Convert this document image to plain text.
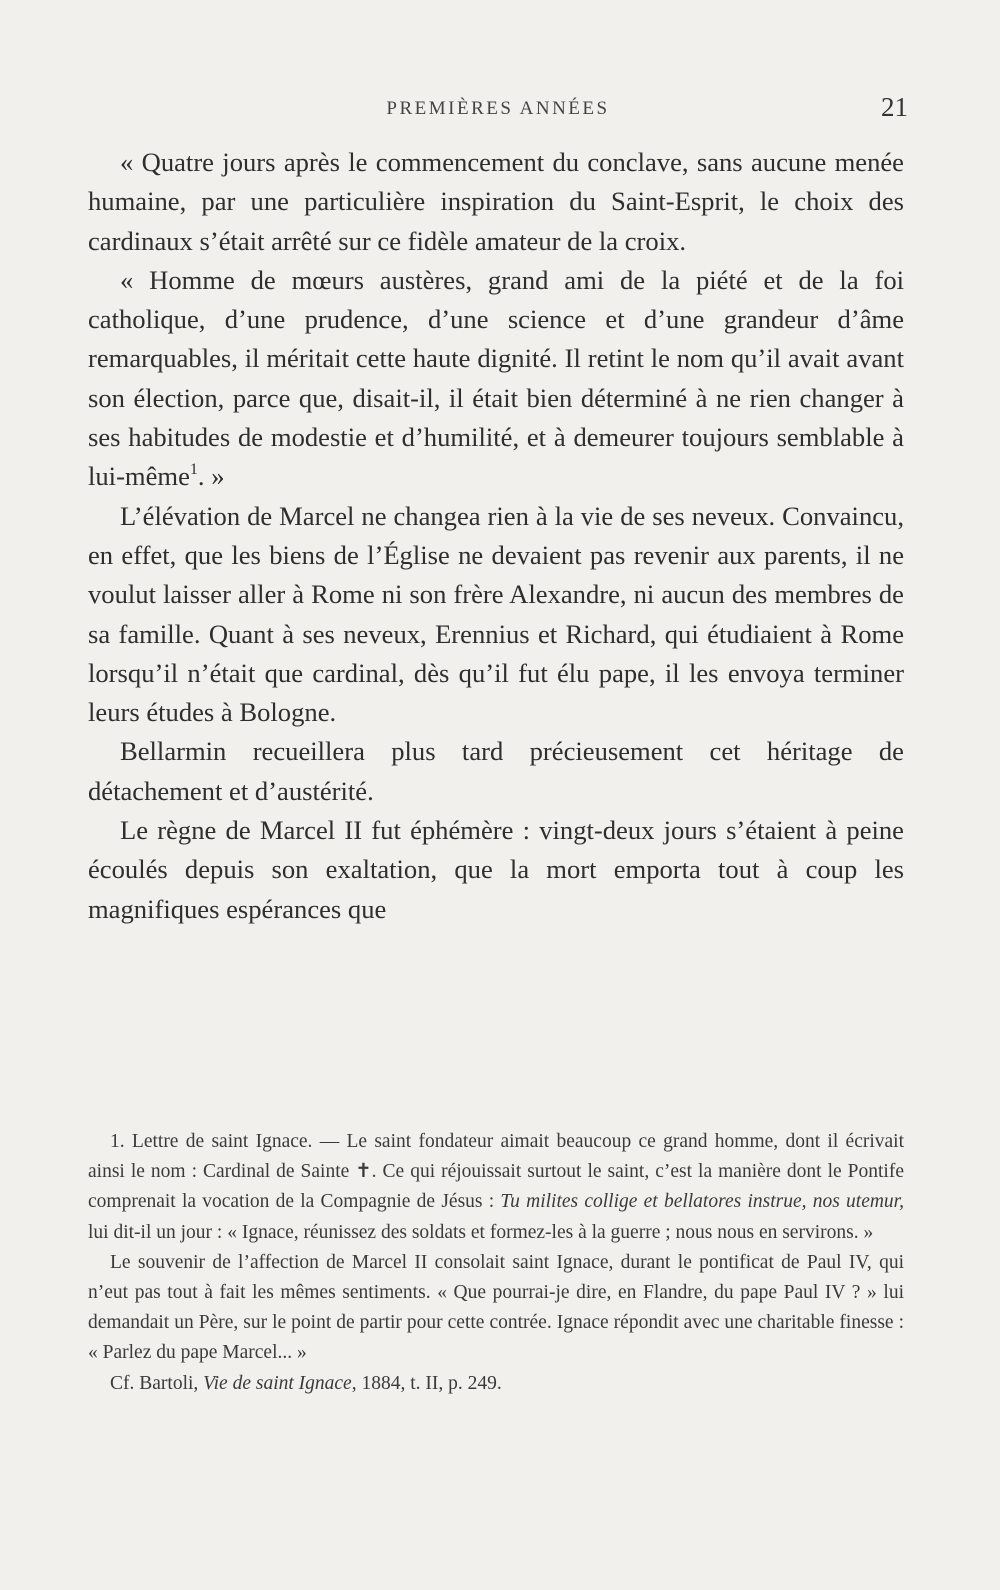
PREMIÈRES ANNÉES	21

« Quatre jours après le commencement du conclave, sans aucune menée humaine, par une particulière inspiration du Saint-Esprit, le choix des cardinaux s’était arrêté sur ce fidèle amateur de la croix.

« Homme de mœurs austères, grand ami de la piété et de la foi catholique, d’une prudence, d’une science et d’une grandeur d’âme remarquables, il méritait cette haute dignité. Il retint le nom qu’il avait avant son élection, parce que, disait-il, il était bien déterminé à ne rien changer à ses habitudes de modestie et d’humilité, et à demeurer toujours semblable à lui-même$^1$. »

L’élévation de Marcel ne changea rien à la vie de ses neveux. Convaincu, en effet, que les biens de l’Église ne devaient pas revenir aux parents, il ne voulut laisser aller à Rome ni son frère Alexandre, ni aucun des membres de sa famille. Quant à ses neveux, Erennius et Richard, qui étudiaient à Rome lorsqu’il n’était que cardinal, dès qu’il fut élu pape, il les envoya terminer leurs études à Bologne.

Bellarmin recueillera plus tard précieusement cet héritage de détachement et d’austérité.

Le règne de Marcel II fut éphémère : vingt-deux jours s’étaient à peine écoulés depuis son exaltation, que la mort emporta tout à coup les magnifiques espérances que

1. Lettre de saint Ignace. — Le saint fondateur aimait beaucoup ce grand homme, dont il écrivait ainsi le nom : Cardinal de Sainte ✝. Ce qui réjouissait surtout le saint, c’est la manière dont le Pontife comprenait la vocation de la Compagnie de Jésus : Tu milites collige et bellatores instrue, nos utemur, lui dit-il un jour : « Ignace, réunissez des soldats et formez-les à la guerre ; nous nous en servirons. »

Le souvenir de l’affection de Marcel II consolait saint Ignace, durant le pontificat de Paul IV, qui n’eut pas tout à fait les mêmes sentiments. « Que pourrai-je dire, en Flandre, du pape Paul IV ? » lui demandait un Père, sur le point de partir pour cette contrée. Ignace répondit avec une charitable finesse : « Parlez du pape Marcel... »

Cf. Bartoli, Vie de saint Ignace, 1884, t. II, p. 249.
